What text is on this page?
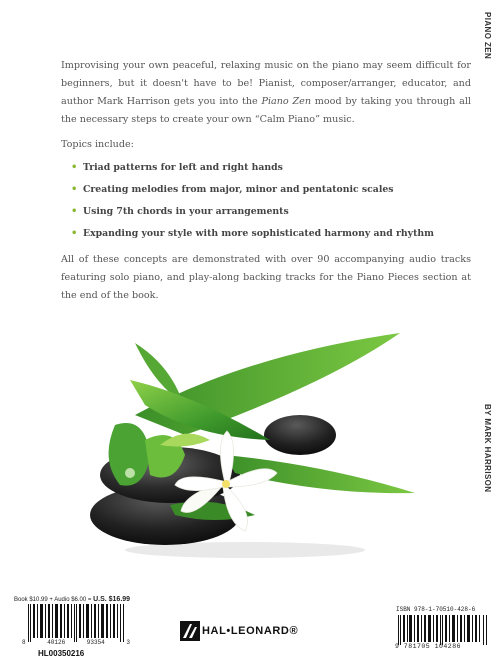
PIANO ZEN
BY MARK HARRISON

Improvising your own peaceful, relaxing music on the piano may seem difficult for beginners, but it doesn't have to be! Pianist, composer/arranger, educator, and author Mark Harrison gets you into the Piano Zen mood by taking you through all the necessary steps to create your own “Calm Piano” music.

Topics include:
• Triad patterns for left and right hands
• Creating melodies from major, minor and pentatonic scales
• Using 7th chords in your arrangements
• Expanding your style with more sophisticated harmony and rhythm

All of these concepts are demonstrated with over 90 accompanying audio tracks featuring solo piano, and play-along backing tracks for the Piano Pieces section at the end of the book.

Book $10.99 + Audio $6.00 = U.S. $16.99
8	40126	93354	3
HL00350216
HAL•LEONARD®
ISBN 978-1-70510-428-6
9 781705 104286
